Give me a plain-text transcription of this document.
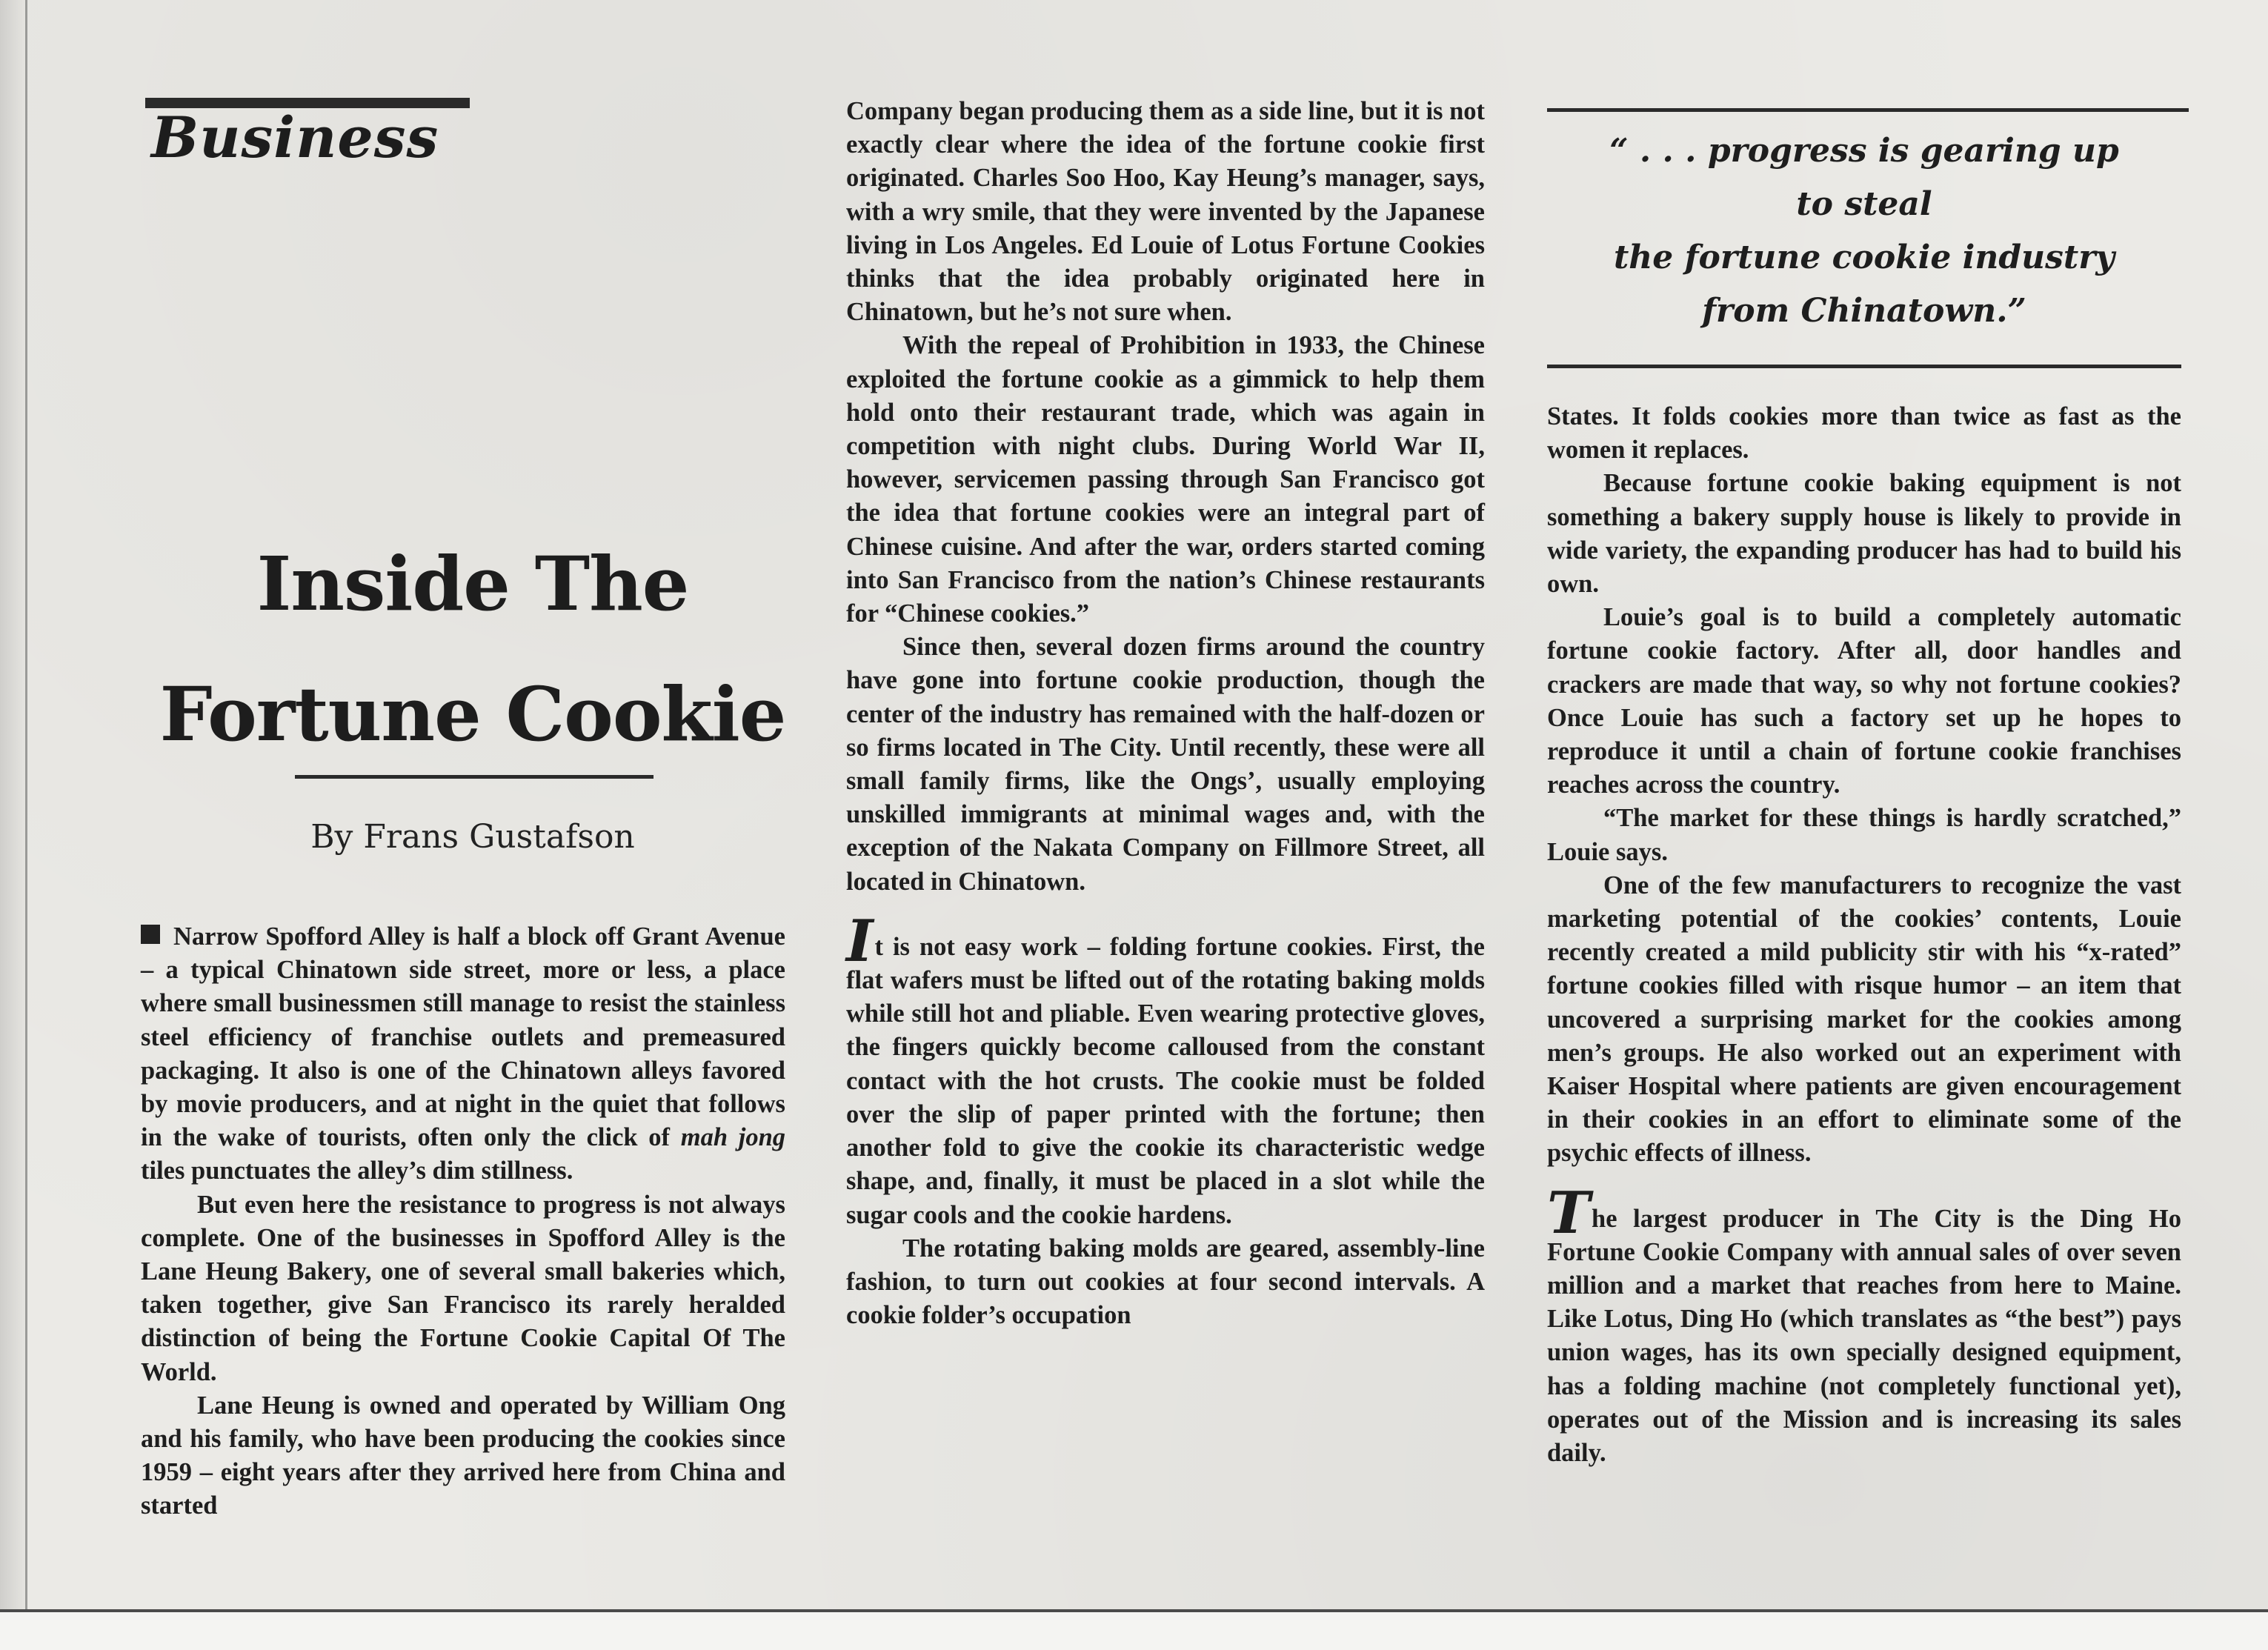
Business
Inside The
Fortune Cookie
By Frans Gustafson

Narrow Spofford Alley is half a block off Grant Avenue – a typical Chinatown side street, more or less, a place where small businessmen still manage to resist the stainless steel efficiency of franchise outlets and premeasured packaging. It also is one of the Chinatown alleys favored by movie producers, and at night in the quiet that follows in the wake of tourists, often only the click of mah jong tiles punctuates the alley’s dim stillness.

But even here the resistance to progress is not always complete. One of the businesses in Spofford Alley is the Lane Heung Bakery, one of several small bakeries which, taken together, give San Francisco its rarely heralded distinction of being the Fortune Cookie Capital Of The World.

Lane Heung is owned and operated by William Ong and his family, who have been producing the cookies since 1959 – eight years after they arrived here from China and started

Company began producing them as a side line, but it is not exactly clear where the idea of the fortune cookie first originated. Charles Soo Hoo, Kay Heung’s manager, says, with a wry smile, that they were invented by the Japanese living in Los Angeles. Ed Louie of Lotus Fortune Cookies thinks that the idea probably originated here in Chinatown, but he’s not sure when.

With the repeal of Prohibition in 1933, the Chinese exploited the fortune cookie as a gimmick to help them hold onto their restaurant trade, which was again in competition with night clubs. During World War II, however, servicemen passing through San Francisco got the idea that fortune cookies were an integral part of Chinese cuisine. And after the war, orders started coming into San Francisco from the nation’s Chinese restaurants for “Chinese cookies.”

Since then, several dozen firms around the country have gone into fortune cookie production, though the center of the industry has remained with the half-dozen or so firms located in The City. Until recently, these were all small family firms, like the Ongs’, usually employing unskilled immigrants at minimal wages and, with the exception of the Nakata Company on Fillmore Street, all located in Chinatown.

It is not easy work – folding fortune cookies. First, the flat wafers must be lifted out of the rotating baking molds while still hot and pliable. Even wearing protective gloves, the fingers quickly become calloused from the constant contact with the hot crusts. The cookie must be folded over the slip of paper printed with the fortune; then another fold to give the cookie its characteristic wedge shape, and, finally, it must be placed in a slot while the sugar cools and the cookie hardens.

The rotating baking molds are geared, assembly-line fashion, to turn out cookies at four second intervals. A cookie folder’s occupation

“ . . . progress is gearing up
to steal
the fortune cookie industry
from Chinatown.”

States. It folds cookies more than twice as fast as the women it replaces.

Because fortune cookie baking equipment is not something a bakery supply house is likely to provide in wide variety, the expanding producer has had to build his own.

Louie’s goal is to build a completely automatic fortune cookie factory. After all, door handles and crackers are made that way, so why not fortune cookies? Once Louie has such a factory set up he hopes to reproduce it until a chain of fortune cookie franchises reaches across the country.

“The market for these things is hardly scratched,” Louie says.

One of the few manufacturers to recognize the vast marketing potential of the cookies’ contents, Louie recently created a mild publicity stir with his “x-rated” fortune cookies filled with risque humor – an item that uncovered a surprising market for the cookies among men’s groups. He also worked out an experiment with Kaiser Hospital where patients are given encouragement in their cookies in an effort to eliminate some of the psychic effects of illness.

The largest producer in The City is the Ding Ho Fortune Cookie Company with annual sales of over seven million and a market that reaches from here to Maine. Like Lotus, Ding Ho (which translates as “the best”) pays union wages, has its own specially designed equipment, has a folding machine (not completely functional yet), operates out of the Mission and is increasing its sales daily.
